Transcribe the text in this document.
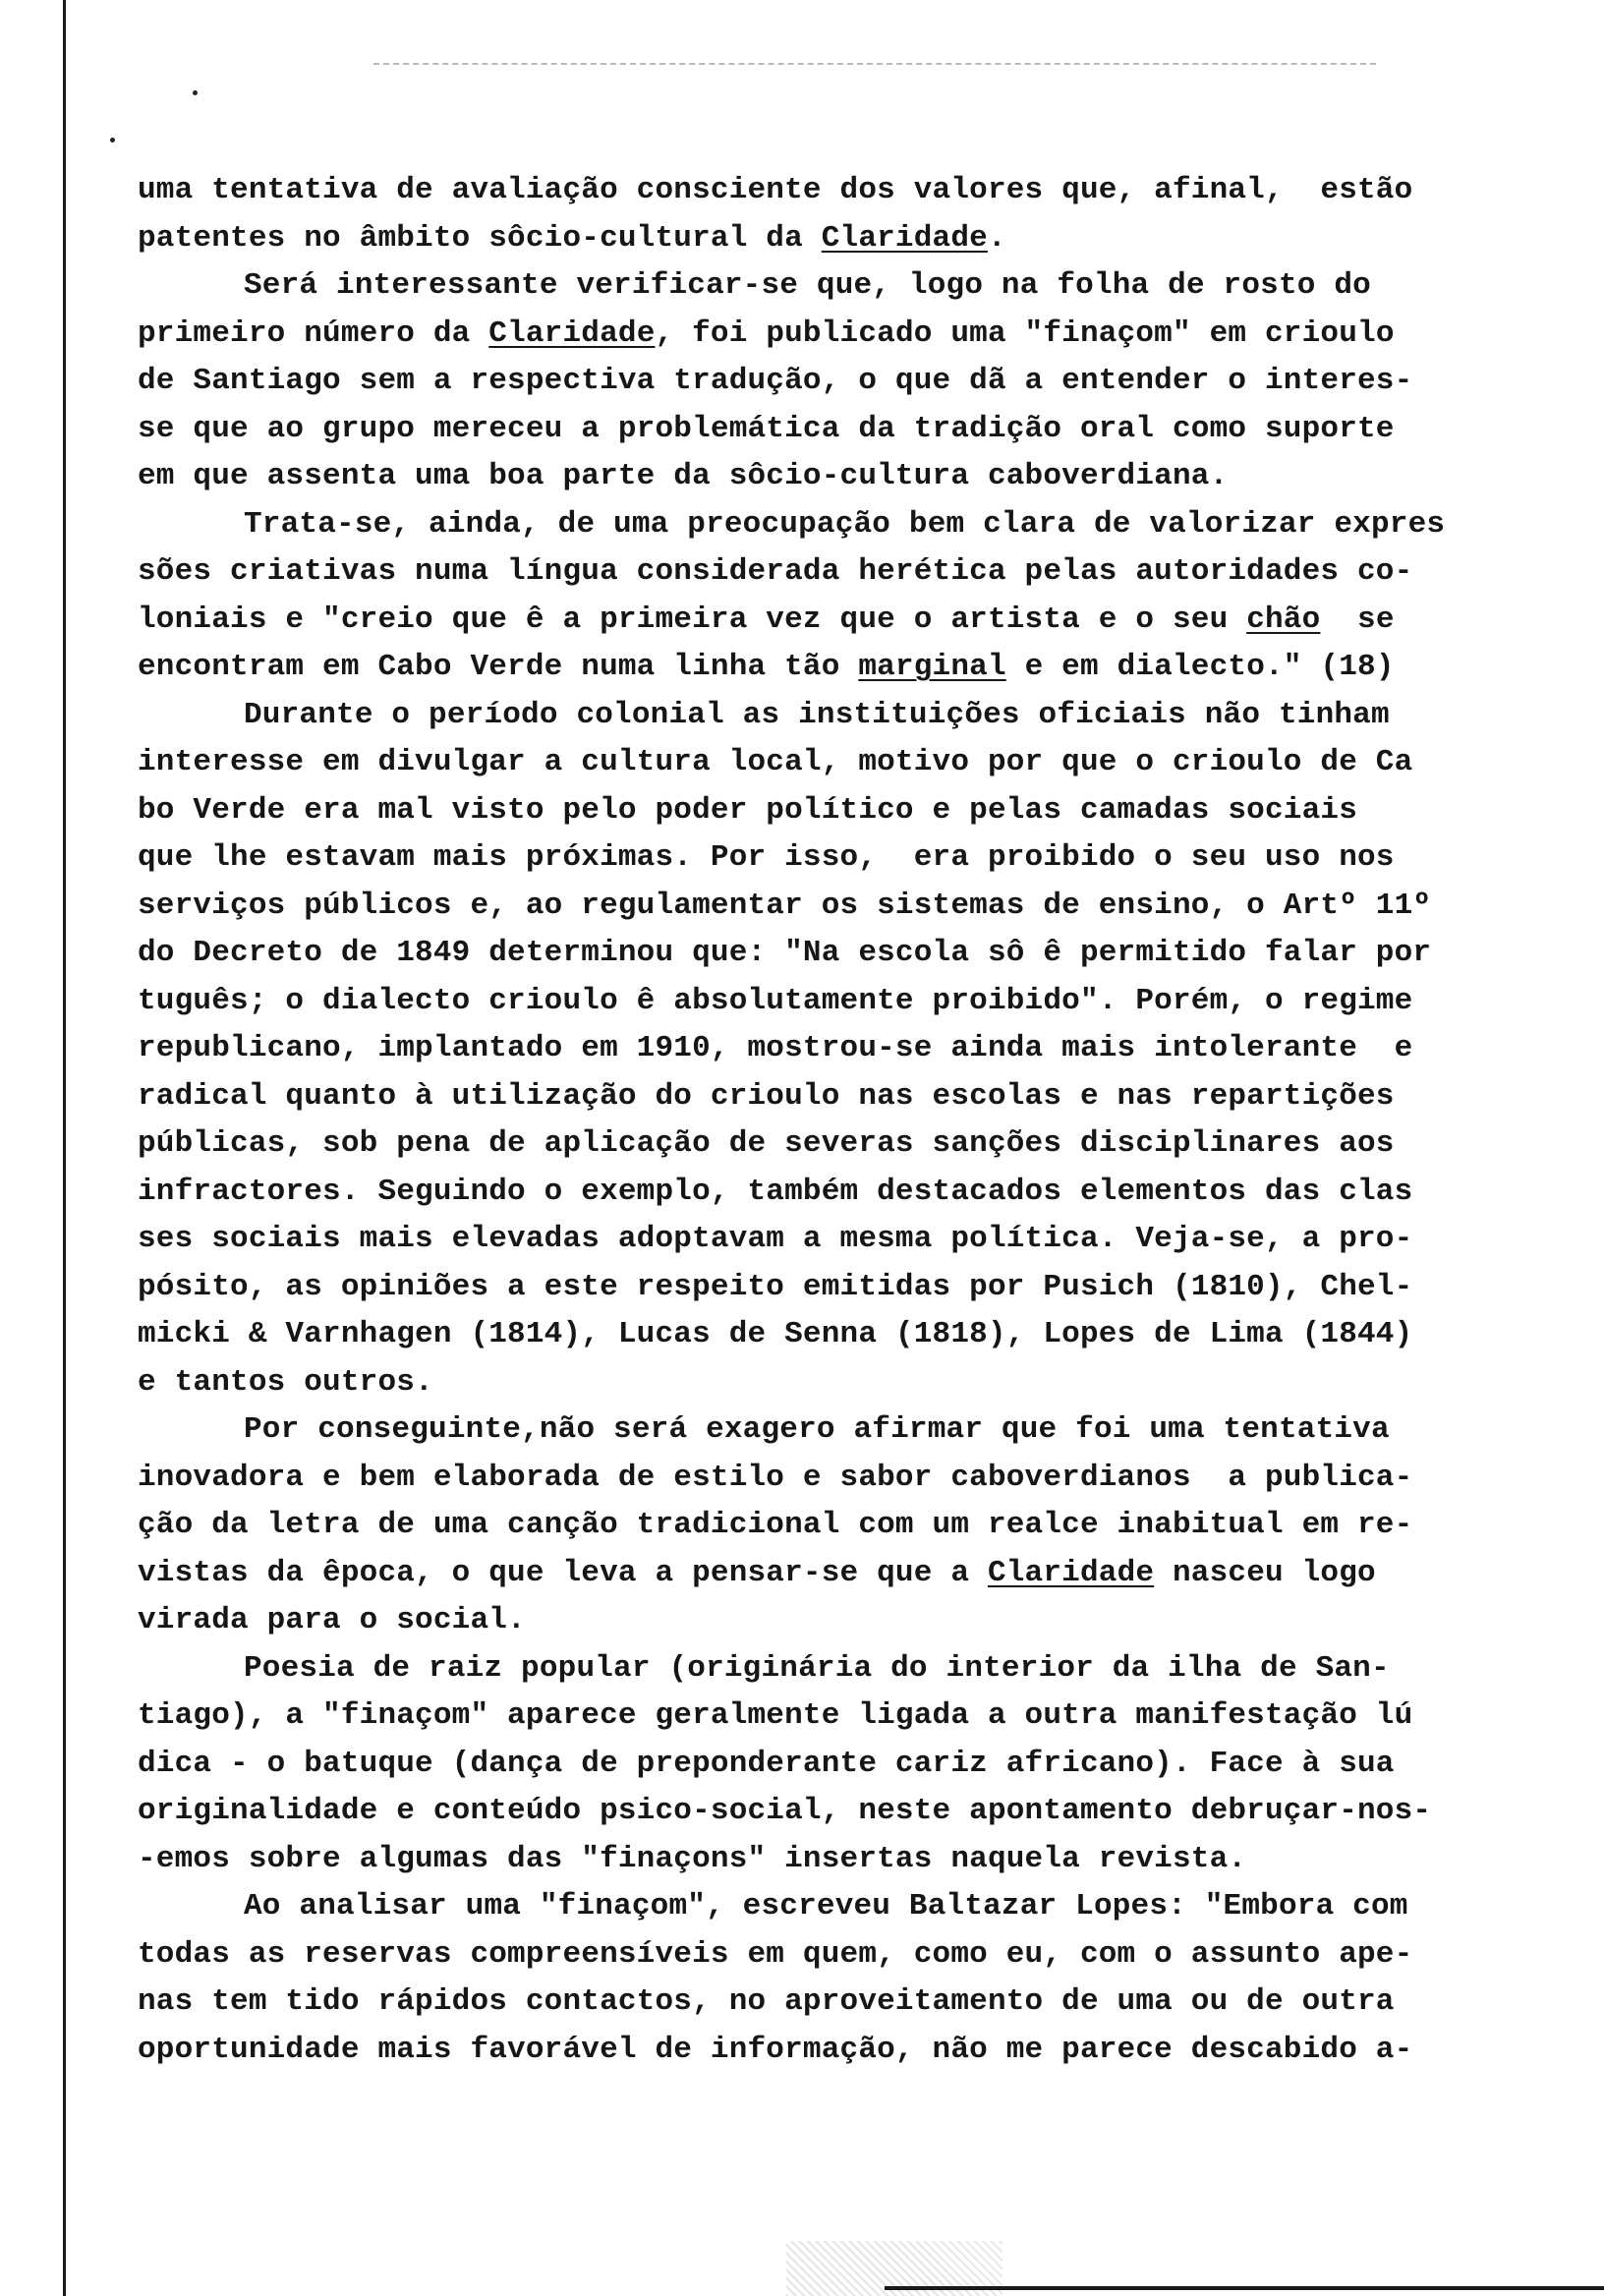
uma tentativa de avaliação consciente dos valores que, afinal,  estão
patentes no âmbito sôcio-cultural da Claridade.
Será interessante verificar-se que, logo na folha de rosto do
primeiro número da Claridade, foi publicado uma "finaçom" em crioulo
de Santiago sem a respectiva tradução, o que dã a entender o interes-
se que ao grupo mereceu a problemática da tradição oral como suporte
em que assenta uma boa parte da sôcio-cultura caboverdiana.
Trata-se, ainda, de uma preocupação bem clara de valorizar expres
sões criativas numa língua considerada herética pelas autoridades co-
loniais e "creio que ê a primeira vez que o artista e o seu chão  se
encontram em Cabo Verde numa linha tão marginal e em dialecto." (18)
Durante o período colonial as instituições oficiais não tinham
interesse em divulgar a cultura local, motivo por que o crioulo de Ca
bo Verde era mal visto pelo poder político e pelas camadas sociais
que lhe estavam mais próximas. Por isso,  era proibido o seu uso nos
serviços públicos e, ao regulamentar os sistemas de ensino, o Artº 11º
do Decreto de 1849 determinou que: "Na escola sô ê permitido falar por
tuguês; o dialecto crioulo ê absolutamente proibido". Porém, o regime
republicano, implantado em 1910, mostrou-se ainda mais intolerante  e
radical quanto à utilização do crioulo nas escolas e nas repartições
públicas, sob pena de aplicação de severas sanções disciplinares aos
infractores. Seguindo o exemplo, também destacados elementos das clas
ses sociais mais elevadas adoptavam a mesma política. Veja-se, a pro-
pósito, as opiniões a este respeito emitidas por Pusich (1810), Chel-
micki & Varnhagen (1814), Lucas de Senna (1818), Lopes de Lima (1844)
e tantos outros.
Por conseguinte,não será exagero afirmar que foi uma tentativa
inovadora e bem elaborada de estilo e sabor caboverdianos  a publica-
ção da letra de uma canção tradicional com um realce inabitual em re-
vistas da êpoca, o que leva a pensar-se que a Claridade nasceu logo
virada para o social.
Poesia de raiz popular (originária do interior da ilha de San-
tiago), a "finaçom" aparece geralmente ligada a outra manifestação lú
dica - o batuque (dança de preponderante cariz africano). Face à sua
originalidade e conteúdo psico-social, neste apontamento debruçar-nos-
-emos sobre algumas das "finaçons" insertas naquela revista.
Ao analisar uma "finaçom", escreveu Baltazar Lopes: "Embora com
todas as reservas compreensíveis em quem, como eu, com o assunto ape-
nas tem tido rápidos contactos, no aproveitamento de uma ou de outra
oportunidade mais favorável de informação, não me parece descabido a-
